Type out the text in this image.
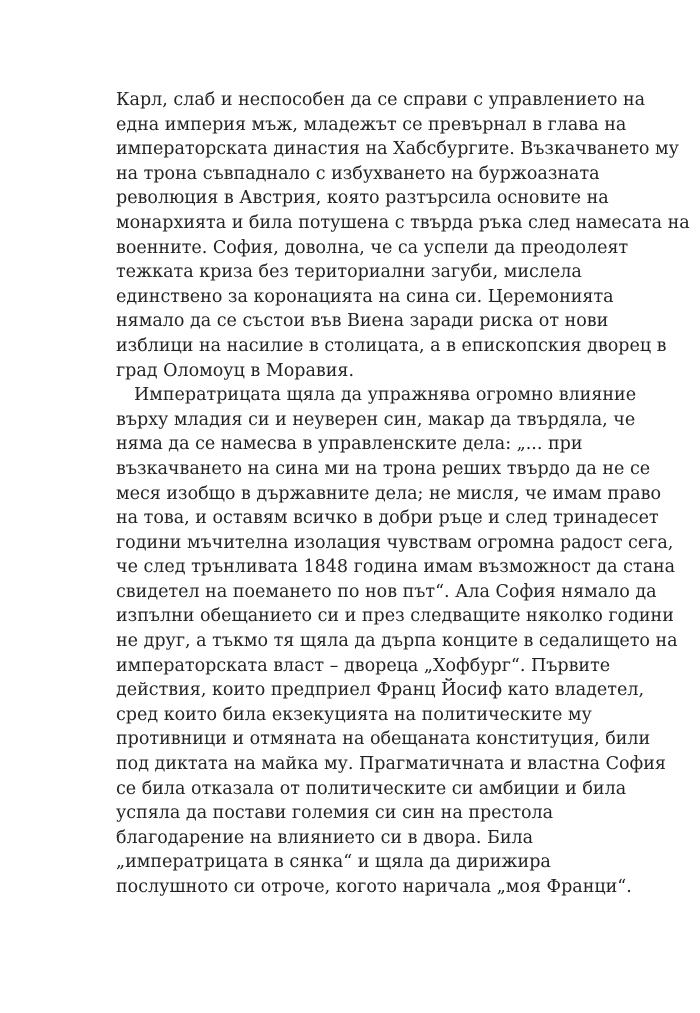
Карл, слаб и неспособен да се справи с управлението на
една империя мъж, младежът се превърнал в глава на
императорската династия на Хабсбургите. Възкачването му
на трона съвпаднало с избухването на буржоазната
революция в Австрия, която разтърсила основите на
монархията и била потушена с твърда ръка след намесата на
военните. София, доволна, че са успели да преодолеят
тежката криза без териториални загуби, мислела
единствено за коронацията на сина си. Церемонията
нямало да се състои във Виена заради риска от нови
изблици на насилие в столицата, а в епископския дворец в
град Оломоуц в Моравия.
Императрицата щяла да упражнява огромно влияние
върху младия си и неуверен син, макар да твърдяла, че
няма да се намесва в управленските дела: „... при
възкачването на сина ми на трона реших твърдо да не се
меся изобщо в държавните дела; не мисля, че имам право
на това, и оставям всичко в добри ръце и след тринадесет
години мъчителна изолация чувствам огромна радост сега,
че след трънливата 1848 година имам възможност да стана
свидетел на поемането по нов път“. Ала София нямало да
изпълни обещанието си и през следващите няколко години
не друг, а тъкмо тя щяла да дърпа конците в седалището на
императорската власт – двореца „Хофбург“. Първите
действия, които предприел Франц Йосиф като владетел,
сред които била екзекуцията на политическите му
противници и отмяната на обещаната конституция, били
под диктата на майка му. Прагматичната и властна София
се била отказала от политическите си амбиции и била
успяла да постави големия си син на престола
благодарение на влиянието си в двора. Била
„императрицата в сянка“ и щяла да дирижира
послушното си отроче, когото наричала „моя Франци“.
